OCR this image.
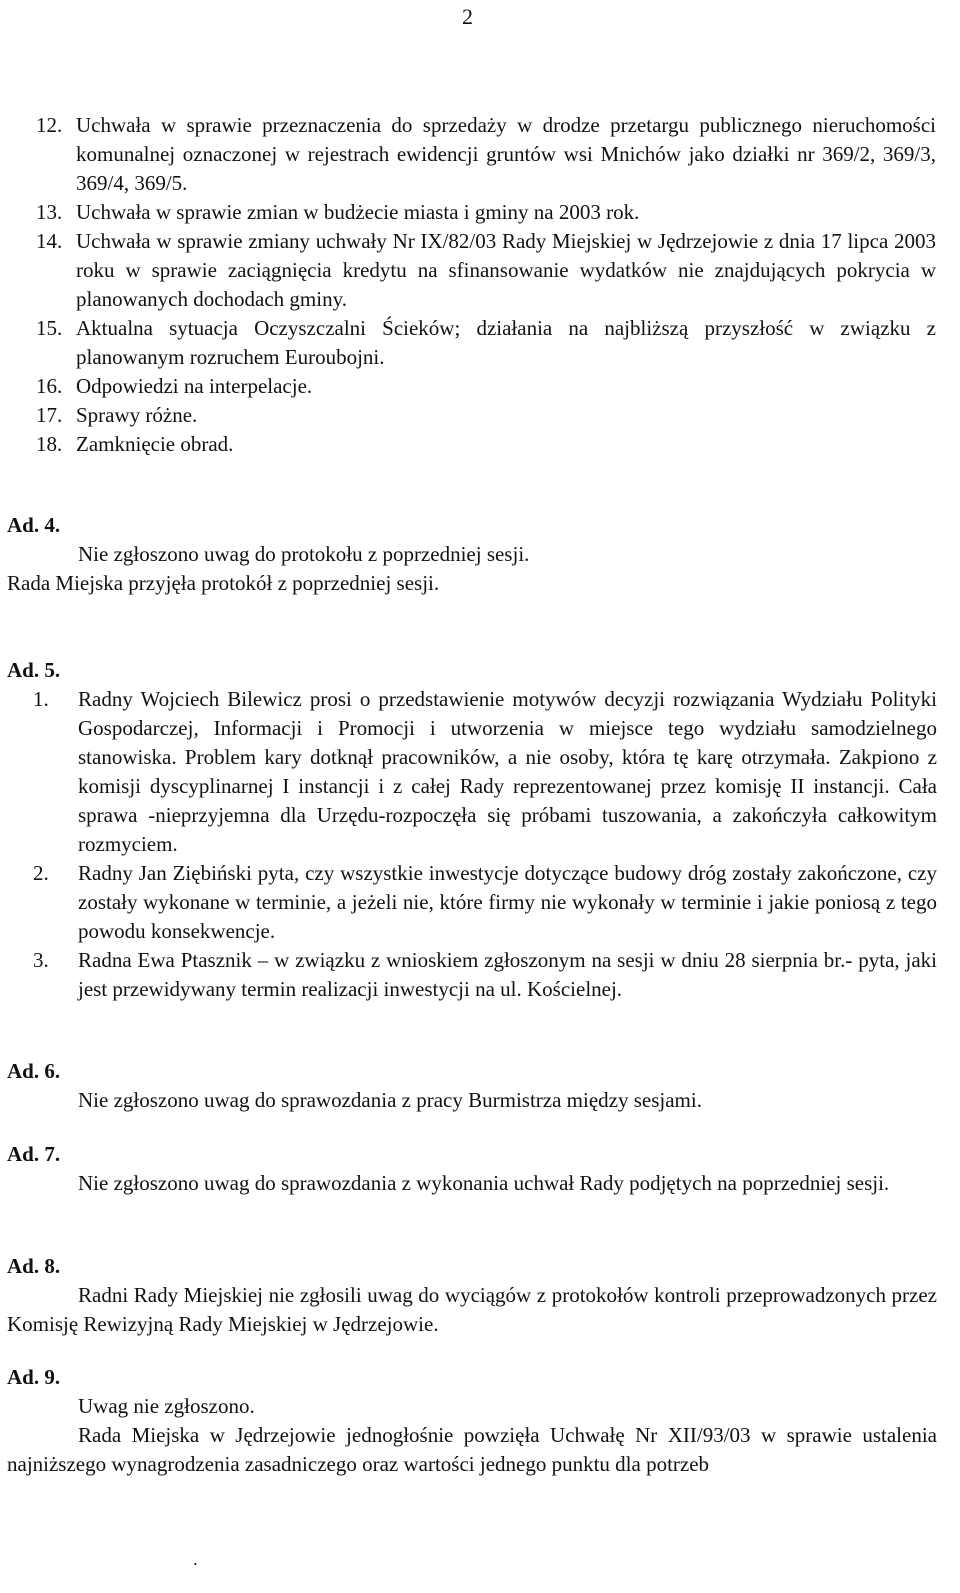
2
12. Uchwała w sprawie przeznaczenia do sprzedaży w drodze przetargu publicznego nieruchomości komunalnej oznaczonej w rejestrach ewidencji gruntów wsi Mnichów jako działki nr 369/2, 369/3, 369/4, 369/5.
13. Uchwała w sprawie zmian w budżecie miasta i gminy na 2003 rok.
14. Uchwała w sprawie zmiany uchwały Nr IX/82/03 Rady Miejskiej w Jędrzejowie z dnia 17 lipca 2003 roku w sprawie zaciągnięcia kredytu na sfinansowanie wydatków nie znajdujących pokrycia w planowanych dochodach gminy.
15. Aktualna sytuacja Oczyszczalni Ścieków; działania na najbliższą przyszłość w związku z planowanym rozruchem Euroubojni.
16. Odpowiedzi na interpelacje.
17. Sprawy różne.
18. Zamknięcie obrad.
Ad. 4.
Nie zgłoszono uwag do protokołu z poprzedniej sesji.
Rada Miejska przyjęła protokół z poprzedniej sesji.
Ad. 5.
1.	Radny Wojciech Bilewicz prosi o przedstawienie motywów decyzji rozwiązania Wydziału Polityki Gospodarczej, Informacji i Promocji i utworzenia w miejsce tego wydziału samodzielnego stanowiska. Problem kary dotknął pracowników, a nie osoby, która tę karę otrzymała. Zakpiono z komisji dyscyplinarnej I instancji i z całej Rady reprezentowanej przez komisję II instancji. Cała sprawa -nieprzyjemna dla Urzędu-rozpoczęła się próbami tuszowania, a zakończyła całkowitym rozmyciem.
2.	Radny Jan Ziębiński pyta, czy wszystkie inwestycje dotyczące budowy dróg zostały zakończone, czy zostały wykonane w terminie, a jeżeli nie, które firmy nie wykonały w terminie i jakie poniosą z tego powodu konsekwencje.
3.	Radna Ewa Ptasznik – w związku z wnioskiem zgłoszonym na sesji w dniu 28 sierpnia br.- pyta, jaki jest przewidywany termin realizacji inwestycji na ul. Kościelnej.
Ad. 6.
Nie zgłoszono uwag do sprawozdania z pracy Burmistrza między sesjami.
Ad. 7.
Nie zgłoszono uwag do sprawozdania z wykonania uchwał Rady podjętych na poprzedniej sesji.
Ad. 8.
Radni Rady Miejskiej nie zgłosili uwag do wyciągów z protokołów kontroli przeprowadzonych przez Komisję Rewizyjną Rady Miejskiej w Jędrzejowie.
Ad. 9.
Uwag nie zgłoszono.
Rada Miejska w Jędrzejowie jednogłośnie powzięła Uchwałę Nr XII/93/03 w sprawie ustalenia najniższego wynagrodzenia zasadniczego oraz wartości jednego punktu dla potrzeb
˙
